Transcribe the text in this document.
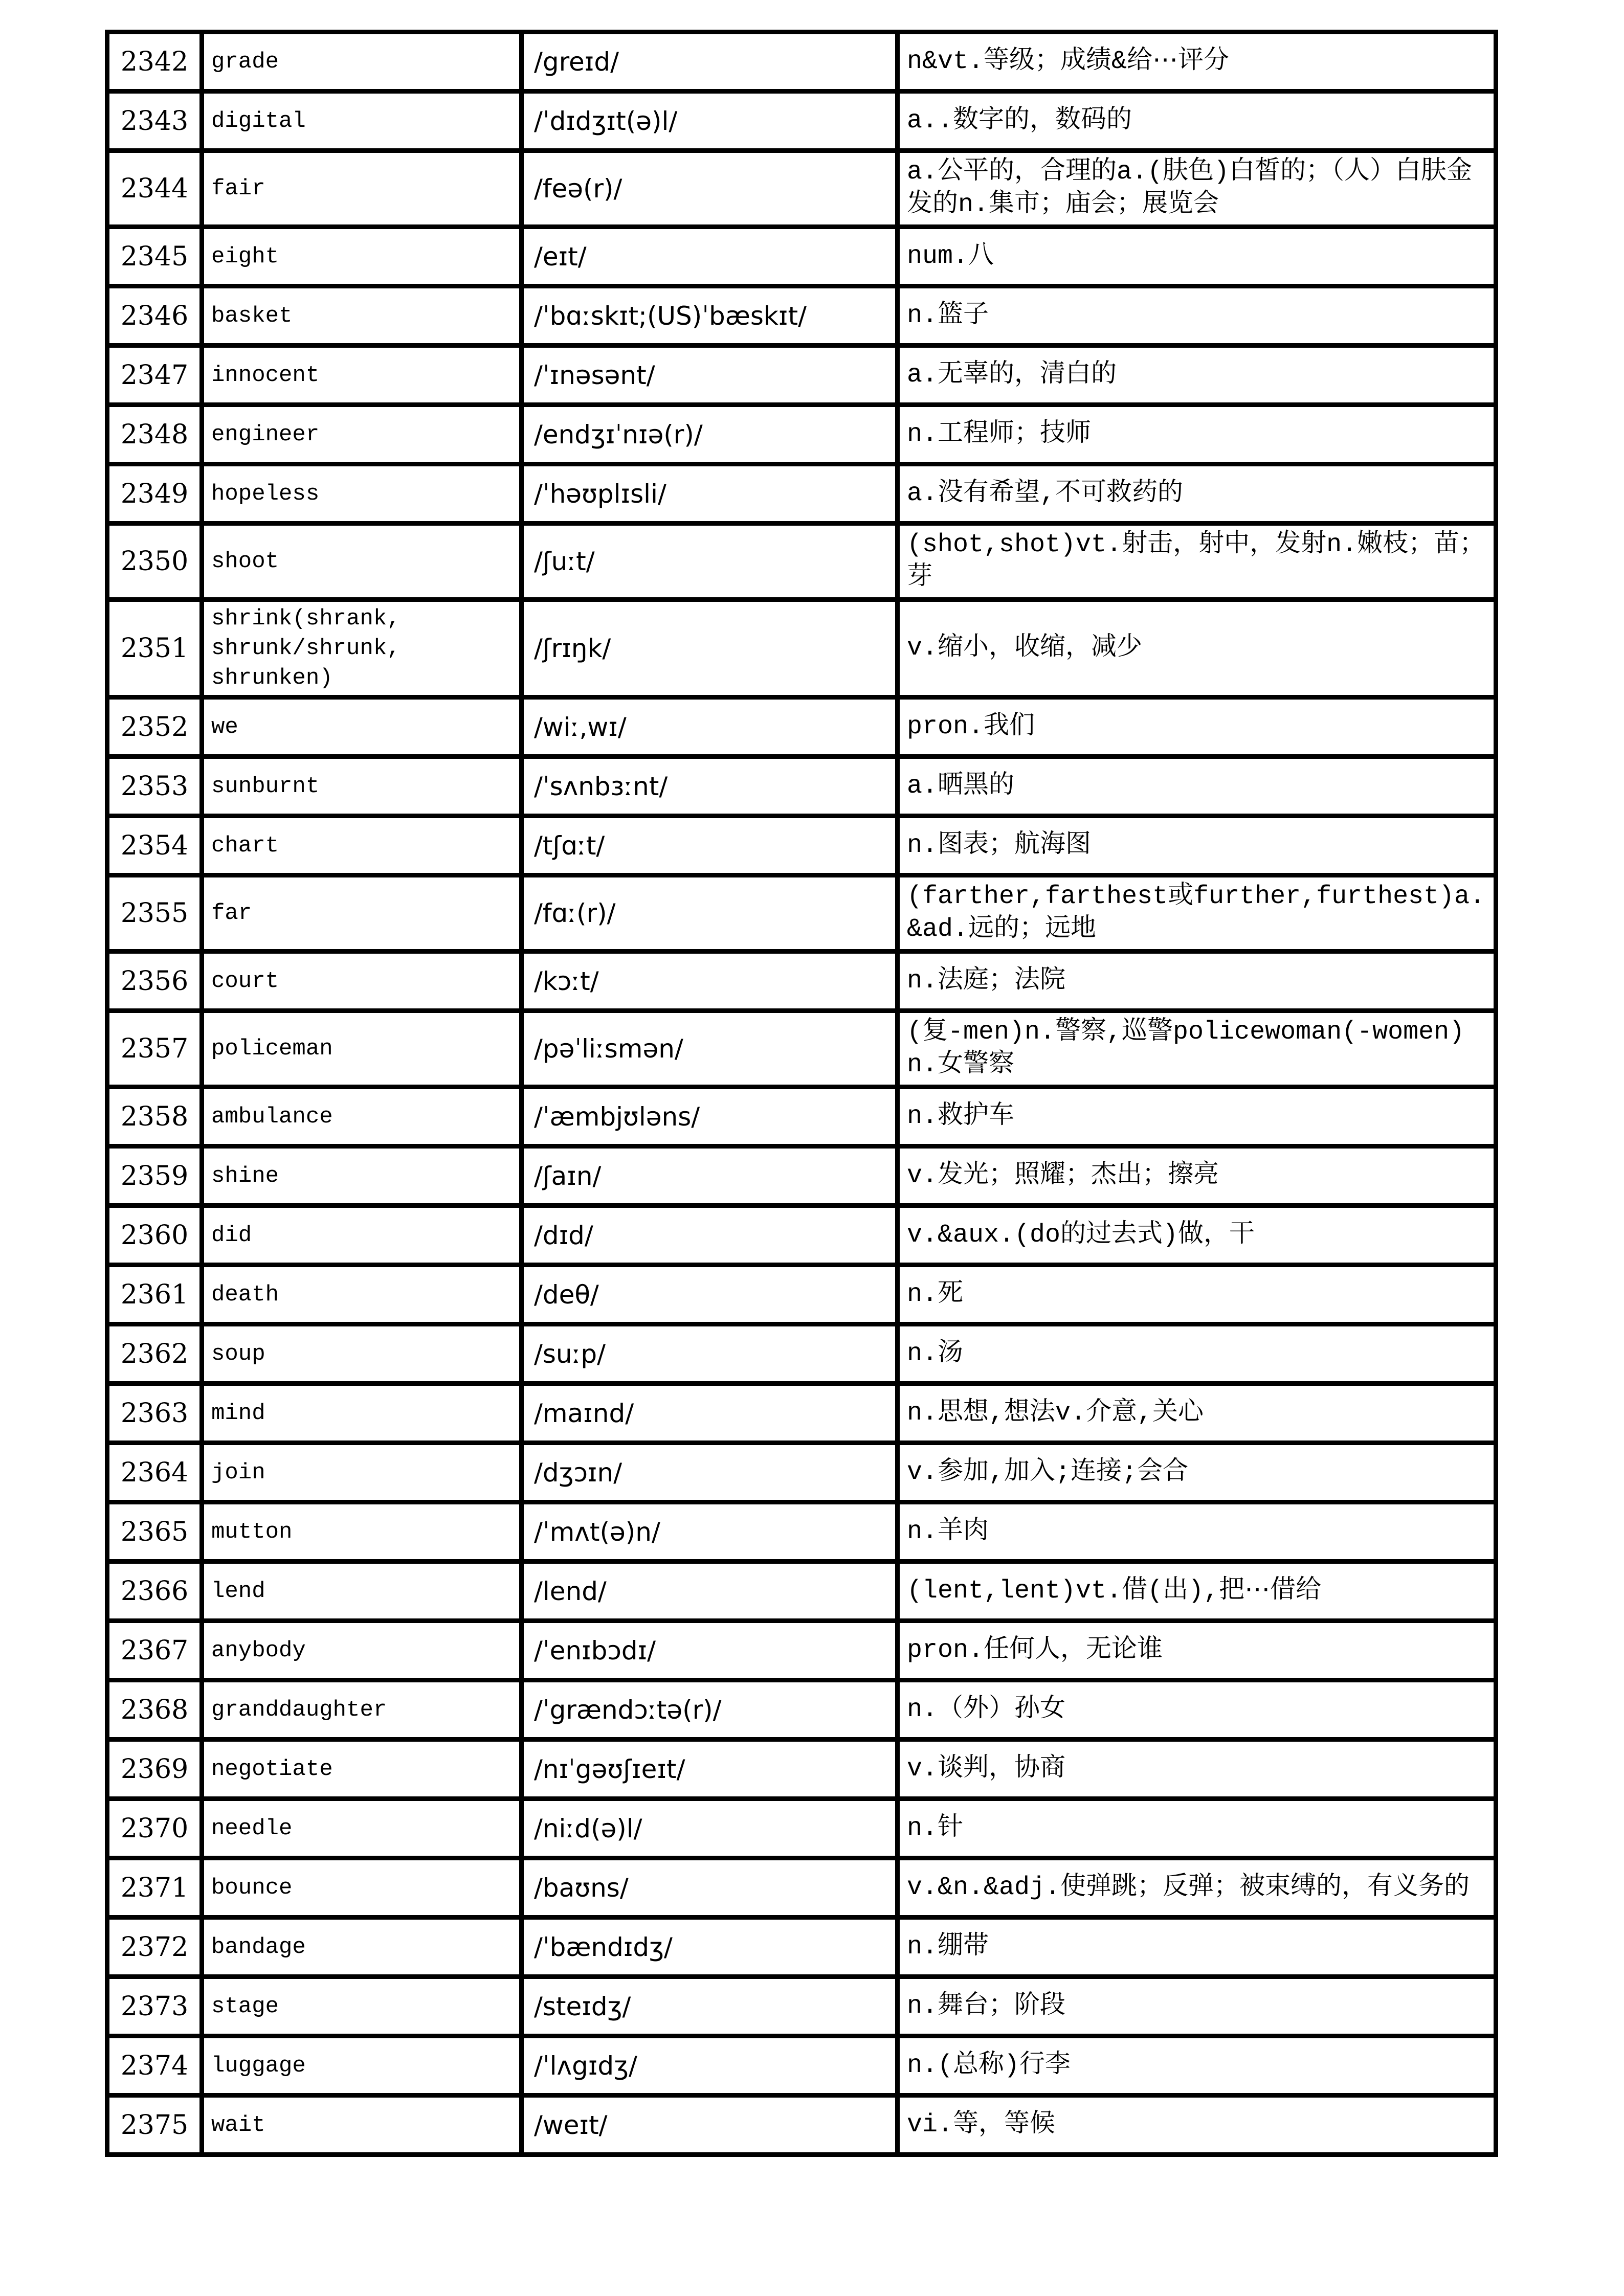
2342	grade	/greɪd/	n&vt.等级；成绩&给⋯评分
2343	digital	/ˈdɪdʒɪt(ə)l/	a..数字的，数码的
2344	fair	/feə(r)/	a.公平的，合理的a.(肤色)白皙的；（人）白肤金发的n.集市；庙会；展览会
2345	eight	/eɪt/	num.八
2346	basket	/ˈbɑːskɪt;(US)ˈbæskɪt/	n.篮子
2347	innocent	/ˈɪnəsənt/	a.无辜的，清白的
2348	engineer	/endʒɪˈnɪə(r)/	n.工程师；技师
2349	hopeless	/ˈhəʊplɪsli/	a.没有希望,不可救药的
2350	shoot	/ʃuːt/	(shot,shot)vt.射击，射中，发射n.嫩枝；苗；芽
2351	shrink(shrank, shrunk/shrunk, shrunken)	/ʃrɪŋk/	v.缩小，收缩，减少
2352	we	/wiː,wɪ/	pron.我们
2353	sunburnt	/ˈsʌnbɜːnt/	a.晒黑的
2354	chart	/tʃɑːt/	n.图表；航海图
2355	far	/fɑː(r)/	(farther,farthest或further,furthest)a.&ad.远的；远地
2356	court	/kɔːt/	n.法庭；法院
2357	policeman	/pəˈliːsmən/	(复-men)n.警察,巡警policewoman(-women)n.女警察
2358	ambulance	/ˈæmbjʊləns/	n.救护车
2359	shine	/ʃaɪn/	v.发光；照耀；杰出；擦亮
2360	did	/dɪd/	v.&aux.(do的过去式)做，干
2361	death	/deθ/	n.死
2362	soup	/suːp/	n.汤
2363	mind	/maɪnd/	n.思想,想法v.介意,关心
2364	join	/dʒɔɪn/	v.参加,加入;连接;会合
2365	mutton	/ˈmʌt(ə)n/	n.羊肉
2366	lend	/lend/	(lent,lent)vt.借(出),把⋯借给
2367	anybody	/ˈenɪbɔdɪ/	pron.任何人，无论谁
2368	granddaughter	/ˈgrændɔːtə(r)/	n.（外）孙女
2369	negotiate	/nɪˈgəʊʃɪeɪt/	v.谈判，协商
2370	needle	/niːd(ə)l/	n.针
2371	bounce	/baʊns/	v.&n.&adj.使弹跳；反弹；被束缚的，有义务的
2372	bandage	/ˈbændɪdʒ/	n.绷带
2373	stage	/steɪdʒ/	n.舞台；阶段
2374	luggage	/ˈlʌgɪdʒ/	n.(总称)行李
2375	wait	/weɪt/	vi.等，等候
